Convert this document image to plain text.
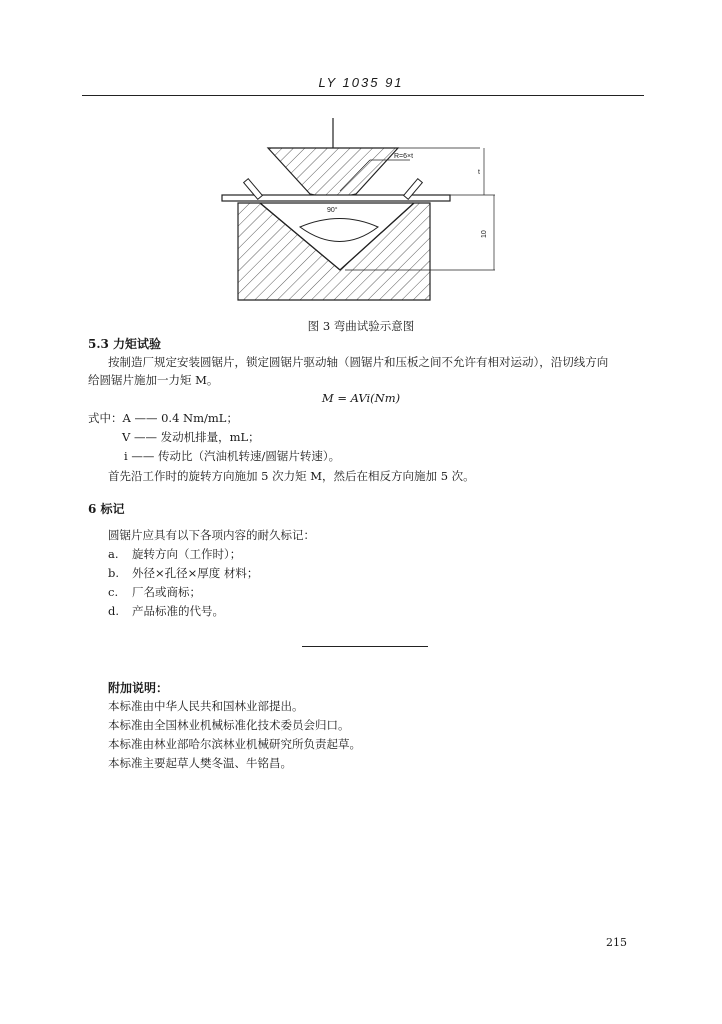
LY 1035 91
R=6×t
90°
t
10
图 3 弯曲试验示意图
5.3 力矩试验
按制造厂规定安装圆锯片，锁定圆锯片驱动轴（圆锯片和压板之间不允许有相对运动），沿切线方向
给圆锯片施加一力矩 M。
M = AVi(Nm)
式中：A —— 0.4 Nm/mL；
V —— 发动机排量，mL；
i —— 传动比（汽油机转速/圆锯片转速）。
首先沿工作时的旋转方向施加 5 次力矩 M，然后在相反方向施加 5 次。
6 标记
圆锯片应具有以下各项内容的耐久标记：
a. 旋转方向（工作时）；
b. 外径×孔径×厚度 材料；
c. 厂名或商标；
d. 产品标准的代号。
附加说明：
本标准由中华人民共和国林业部提出。
本标准由全国林业机械标准化技术委员会归口。
本标准由林业部哈尔滨林业机械研究所负责起草。
本标准主要起草人樊冬温、牛铭昌。
215
